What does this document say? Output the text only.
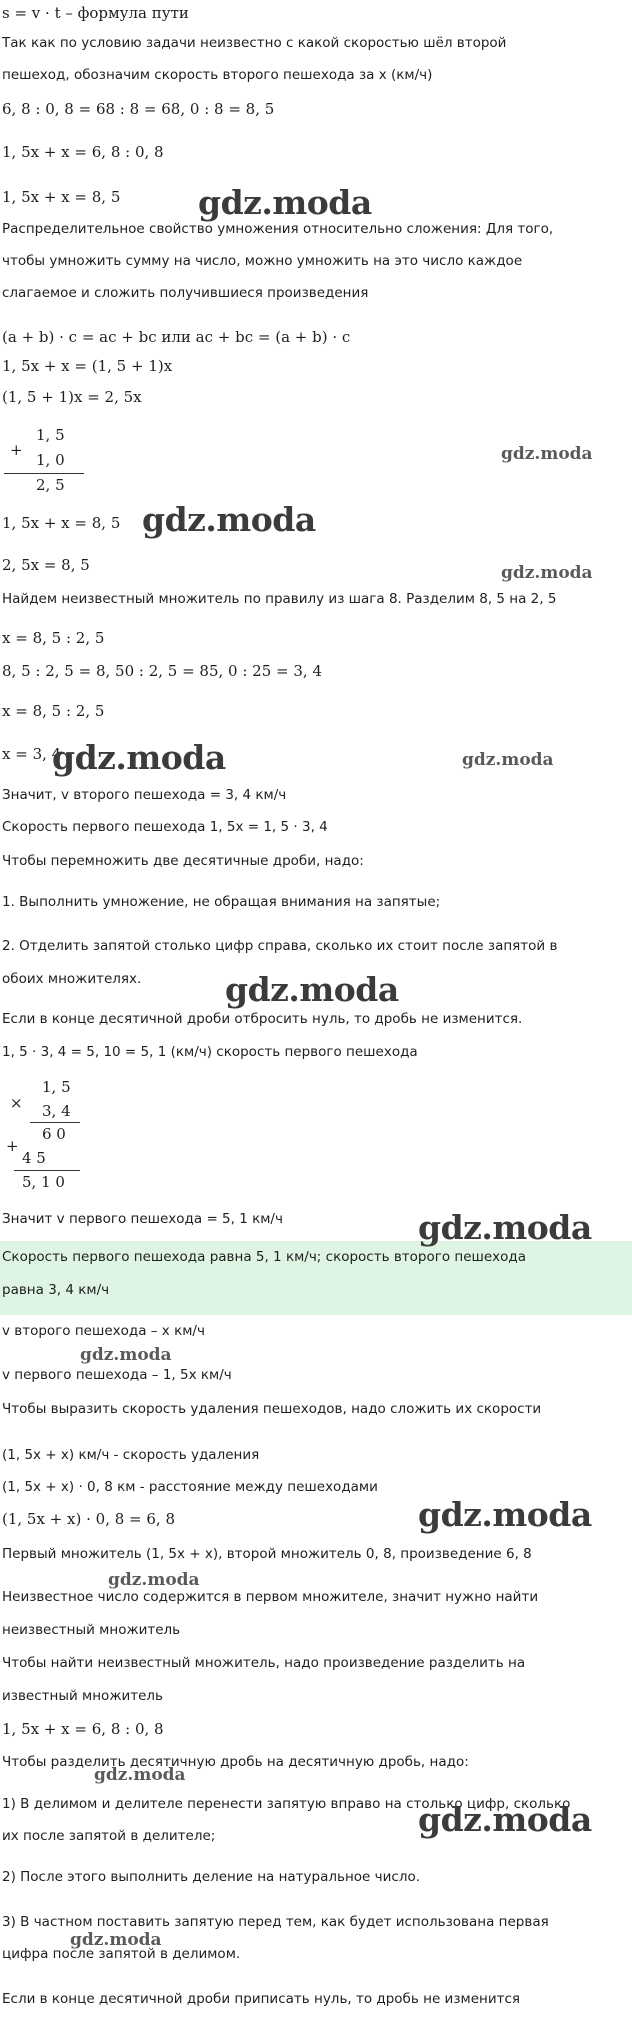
s = v · t – формула пути
Так как по условию задачи неизвестно с какой скоростью шёл второй
пешеход, обозначим скорость второго пешехода за x (км/ч)
6, 8 : 0, 8 = 68 : 8 = 68, 0 : 8 = 8, 5
1, 5x + x = 6, 8 : 0, 8
1, 5x + x = 8, 5
Распределительное свойство умножения относительно сложения: Для того,
чтобы умножить сумму на число, можно умножить на это число каждое
слагаемое и сложить получившиеся произведения
(a + b) · c = ac + bc или ac + bc = (a + b) · c
1, 5x + x = (1, 5 + 1)x
(1, 5 + 1)x = 2, 5x
1, 5x + x = 8, 5
2, 5x = 8, 5
Найдем неизвестный множитель по правилу из шага 8. Разделим 8, 5 на 2, 5
x = 8, 5 : 2, 5
8, 5 : 2, 5 = 8, 50 : 2, 5 = 85, 0 : 25 = 3, 4
x = 8, 5 : 2, 5
x = 3, 4
Значит, v второго пешехода = 3, 4 км/ч
Скорость первого пешехода 1, 5x = 1, 5 · 3, 4
Чтобы перемножить две десятичные дроби, надо:
1. Выполнить умножение, не обращая внимания на запятые;
2. Отделить запятой столько цифр справа, сколько их стоит после запятой в
обоих множителях.
Если в конце десятичной дроби отбросить нуль, то дробь не изменится.
1, 5 · 3, 4 = 5, 10 = 5, 1 (км/ч) скорость первого пешехода
Значит v первого пешехода = 5, 1 км/ч
Скорость первого пешехода равна 5, 1 км/ч; скорость второго пешехода
равна 3, 4 км/ч
v второго пешехода – x км/ч
v первого пешехода – 1, 5x км/ч
Чтобы выразить скорость удаления пешеходов, надо сложить их скорости
(1, 5x + x) км/ч - скорость удаления
(1, 5x + x) · 0, 8 км - расстояние между пешеходами
(1, 5x + x) · 0, 8 = 6, 8
Первый множитель (1, 5x + x), второй множитель 0, 8, произведение 6, 8
Неизвестное число содержится в первом множителе, значит нужно найти
неизвестный множитель
Чтобы найти неизвестный множитель, надо произведение разделить на
известный множитель
1, 5x + x = 6, 8 : 0, 8
Чтобы разделить десятичную дробь на десятичную дробь, надо:
1) В делимом и делителе перенести запятую вправо на столько цифр, сколько
их после запятой в делителе;
2) После этого выполнить деление на натуральное число.
3) В частном поставить запятую перед тем, как будет использована первая
цифра после запятой в делимом.
Если в конце десятичной дроби приписать нуль, то дробь не изменится
+
1, 5
1, 0
2, 5
×
1, 5
3, 4
6 0
+
4 5
5, 1 0
gdz.moda
gdz.moda
gdz.moda
gdz.moda
gdz.moda	gdz.moda
gdz.moda
gdz.moda
gdz.moda
gdz.moda
gdz.moda
gdz.moda
gdz.moda
gdz.moda
